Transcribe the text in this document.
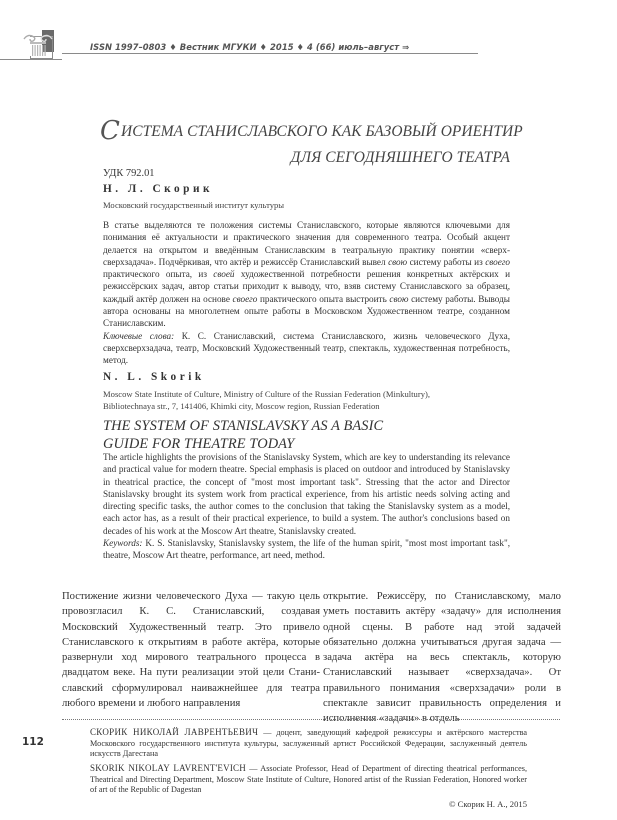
ISSN 1997–0803 ♦ Вестник МГУКИ ♦ 2015 ♦ 4 (66) июль–август ⇒
СИСТЕМА СТАНИСЛАВСКОГО КАК БАЗОВЫЙ ОРИЕНТИР
ДЛЯ СЕГОДНЯШНЕГО ТЕАТРА
УДК 792.01
Н. Л. Скорик
Московский государственный институт культуры
В статье выделяются те положения системы Станиславского, которые являются ключевыми для понимания её актуальности и практического значения для современного театра. Особый акцент делается на открытом и введённым Станиславским в театральную практику понятии «сверхсверхзадача». Подчёркивая, что актёр и режиссёр Станиславский вывел свою систему работы из своего практического опыта, из своей художественной потребности решения конкретных актёрских и режиссёрских задач, автор статьи приходит к выводу, что, взяв систему Станиславского за образец, каждый актёр должен на основе своего практического опыта выстроить свою систему работы. Выводы автора основаны на многолетнем опыте работы в Московском Художественном театре, созданном Станиславским.
Ключевые слова: К. С. Станиславский, система Станиславского, жизнь человеческого Духа, сверхсверхзадача, театр, Московский Художественный театр, спектакль, художественная потребность, метод.
N. L. Skorik
Moscow State Institute of Culture, Ministry of Culture of the Russian Federation (Minkultury),
Bibliotechnaya str., 7, 141406, Khimki city, Moscow region, Russian Federation
THE SYSTEM OF STANISLAVSKY AS A BASIC
GUIDE FOR THEATRE TODAY
The article highlights the provisions of the Stanislavsky System, which are key to understanding its relevance and practical value for modern theatre. Special emphasis is placed on outdoor and introduced by Stanislavsky in theatrical practice, the concept of "most most important task". Stressing that the actor and Director Stanislavsky brought its system work from practical experience, from his artistic needs solving acting and directing specific tasks, the author comes to the conclusion that taking the Stanislavsky system as a model, each actor has, as a result of their practical experience, to build a system. The author's conclusions based on decades of his work at the Moscow Art theatre, Stanislavsky created.
Keywords: K. S. Stanislavsky, Stanislavsky system, the life of the human spirit, "most most important task", theatre, Moscow Art theatre, performance, art need, method.

Постижение жизни человеческого Духа — такую цель провозгласил К. С. Станиславский, создавая Московский Художественный театр. Это привело Станиславского к открытиям в работе актёра, которые развернули ход мирового театрального процесса в двадцатом веке. На пути реализации этой цели Станиславский сформулировал наиважнейшее для театра любого времени и любого направления

открытие. Режиссёру, по Станиславскому, мало уметь поставить актёру «задачу» для исполнения одной сцены. В работе над этой задачей обязательно должна учитываться другая задача — задача актёра на весь спектакль, которую Станиславский называет «сверхзадача». От правильного понимания «сверхзадачи» роли в спектакле зависит правильность определения и исполнения «задачи» в отдель

112
СКОРИК НИКОЛАЙ ЛАВРЕНТЬЕВИЧ — доцент, заведующий кафедрой режиссуры и актёрского мастерства Московского государственного института культуры, заслуженный артист Российской Федерации, заслуженный деятель искусств Дагестана
SKORIK NIKOLAY LAVRENT'EVICH — Associate Professor, Head of Department of directing theatrical performances, Theatrical and Directing Department, Moscow State Institute of Culture, Honored artist of the Russian Federation, Honored worker of art of the Republic of Dagestan
© Скорик Н. А., 2015
